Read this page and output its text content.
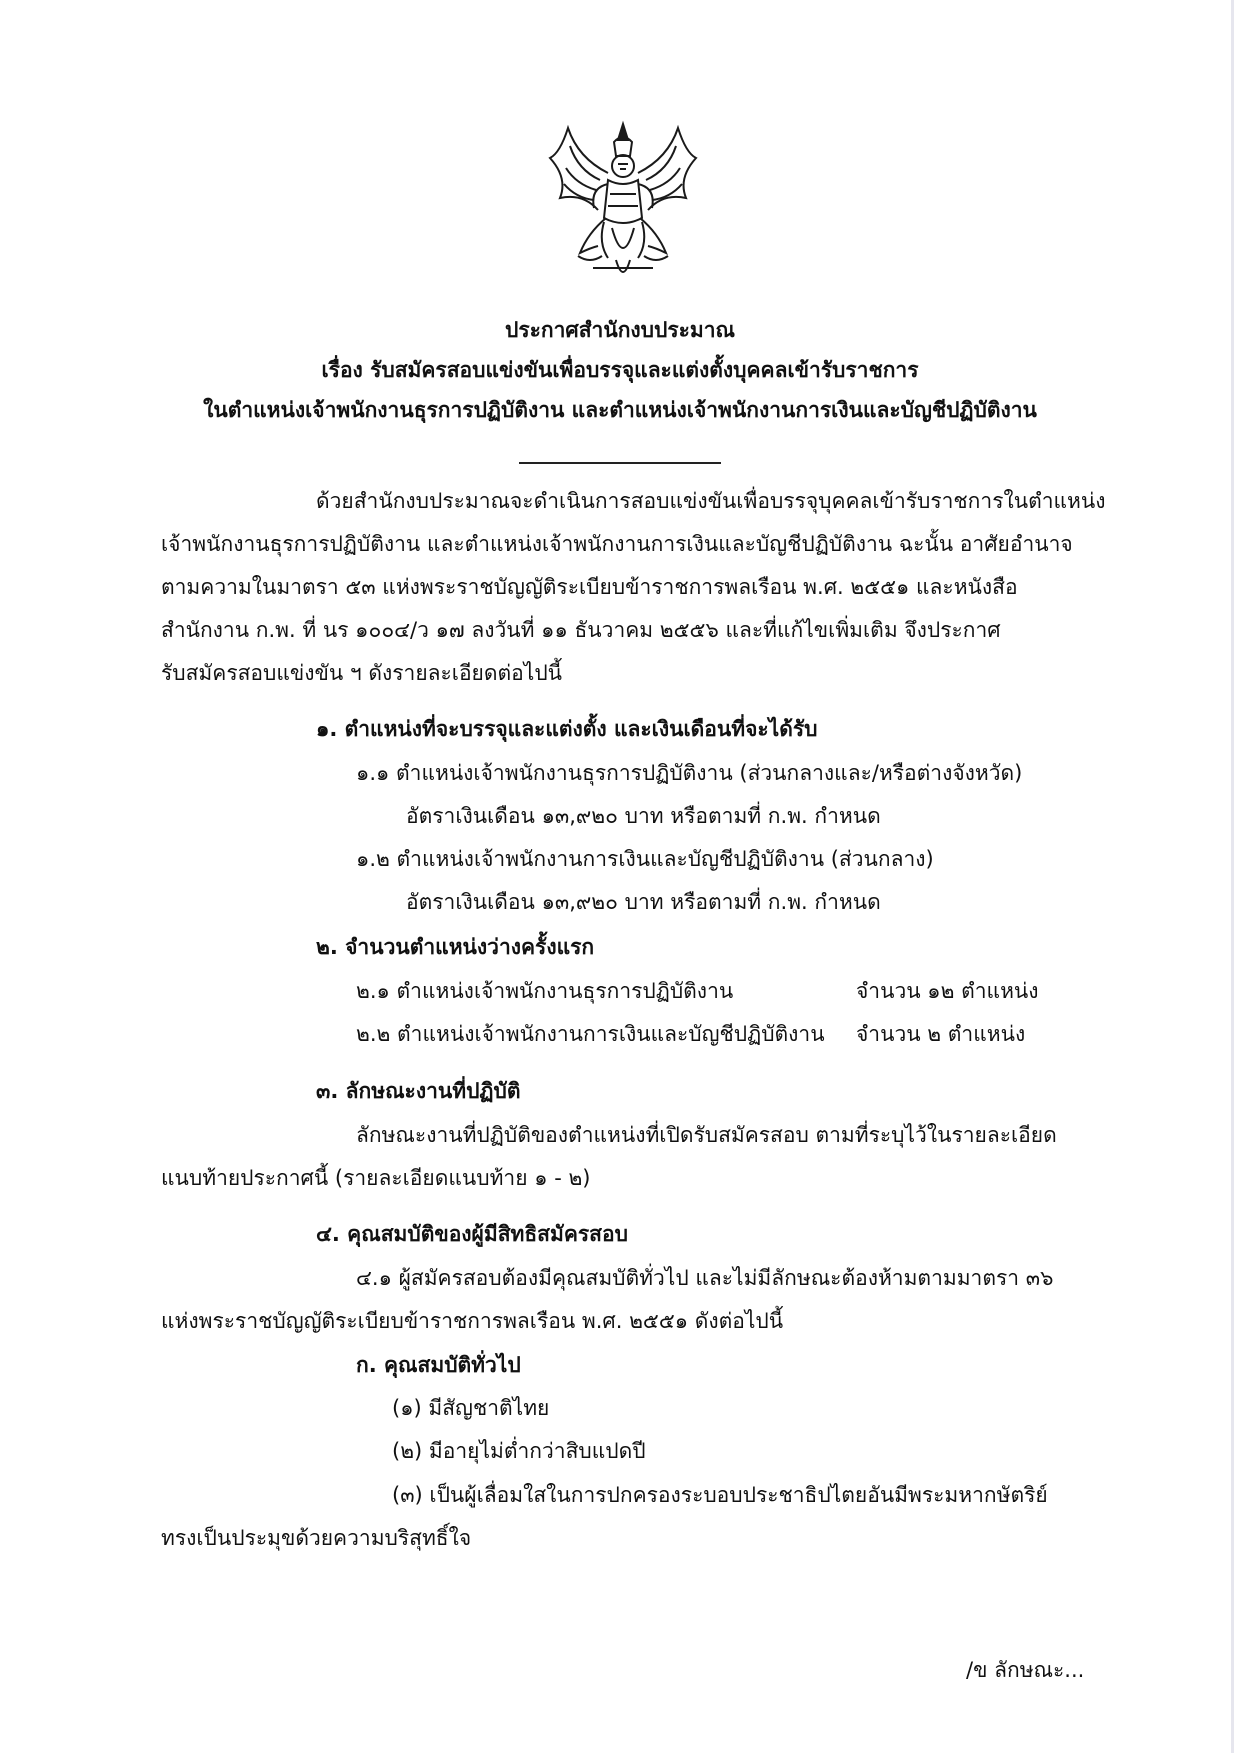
ประกาศสำนักงบประมาณ
เรื่อง รับสมัครสอบแข่งขันเพื่อบรรจุและแต่งตั้งบุคคลเข้ารับราชการ
ในตำแหน่งเจ้าพนักงานธุรการปฏิบัติงาน และตำแหน่งเจ้าพนักงานการเงินและบัญชีปฏิบัติงาน
ด้วยสำนักงบประมาณจะดำเนินการสอบแข่งขันเพื่อบรรจุบุคคลเข้ารับราชการในตำแหน่ง
เจ้าพนักงานธุรการปฏิบัติงาน และตำแหน่งเจ้าพนักงานการเงินและบัญชีปฏิบัติงาน ฉะนั้น อาศัยอำนาจ
ตามความในมาตรา ๕๓ แห่งพระราชบัญญัติระเบียบข้าราชการพลเรือน พ.ศ. ๒๕๕๑ และหนังสือ
สำนักงาน ก.พ. ที่ นร ๑๐๐๔/ว ๑๗ ลงวันที่ ๑๑ ธันวาคม ๒๕๕๖ และที่แก้ไขเพิ่มเติม จึงประกาศ
รับสมัครสอบแข่งขัน ฯ ดังรายละเอียดต่อไปนี้
๑. ตำแหน่งที่จะบรรจุและแต่งตั้ง และเงินเดือนที่จะได้รับ
๑.๑ ตำแหน่งเจ้าพนักงานธุรการปฏิบัติงาน (ส่วนกลางและ/หรือต่างจังหวัด)
อัตราเงินเดือน ๑๓,๙๒๐ บาท หรือตามที่ ก.พ. กำหนด
๑.๒ ตำแหน่งเจ้าพนักงานการเงินและบัญชีปฏิบัติงาน (ส่วนกลาง)
อัตราเงินเดือน ๑๓,๙๒๐ บาท หรือตามที่ ก.พ. กำหนด
๒. จำนวนตำแหน่งว่างครั้งแรก
๒.๑ ตำแหน่งเจ้าพนักงานธุรการปฏิบัติงาน	จำนวน ๑๒ ตำแหน่ง
๒.๒ ตำแหน่งเจ้าพนักงานการเงินและบัญชีปฏิบัติงาน จำนวน ๒ ตำแหน่ง
๓. ลักษณะงานที่ปฏิบัติ
ลักษณะงานที่ปฏิบัติของตำแหน่งที่เปิดรับสมัครสอบ ตามที่ระบุไว้ในรายละเอียด
แนบท้ายประกาศนี้ (รายละเอียดแนบท้าย ๑ - ๒)
๔. คุณสมบัติของผู้มีสิทธิสมัครสอบ
๔.๑ ผู้สมัครสอบต้องมีคุณสมบัติทั่วไป และไม่มีลักษณะต้องห้ามตามมาตรา ๓๖
แห่งพระราชบัญญัติระเบียบข้าราชการพลเรือน พ.ศ. ๒๕๕๑ ดังต่อไปนี้
ก. คุณสมบัติทั่วไป
(๑) มีสัญชาติไทย
(๒) มีอายุไม่ต่ำกว่าสิบแปดปี
(๓) เป็นผู้เลื่อมใสในการปกครองระบอบประชาธิปไตยอันมีพระมหากษัตริย์
ทรงเป็นประมุขด้วยความบริสุทธิ์ใจ
/ข ลักษณะ...
